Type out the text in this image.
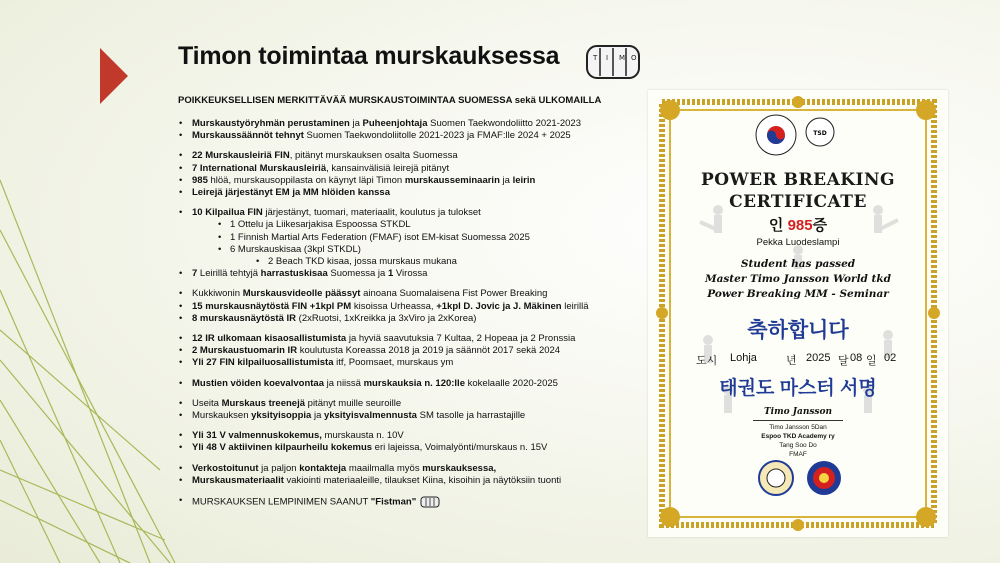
Timon toimintaa murskauksessa	T I M O
POIKKEUKSELLISEN MERKITTÄVÄÄ MURSKAUSTOIMINTAA SUOMESSA sekä ULKOMAILLA
• Murskaustyöryhmän perustaminen ja Puheenjohtaja Suomen Taekwondoliitto 2021-2023
• Murskaussäännöt tehnyt Suomen Taekwondoliitolle 2021-2023 ja FMAF:lle 2024 + 2025
• 22 Murskausleiriä FIN, pitänyt murskauksen osalta Suomessa
• 7 International Murskausleiriä, kansainvälisiä leirejä pitänyt
• 985 hlöä, murskausoppilasta on käynyt läpi Timon murskausseminaarin ja leirin
• Leirejä järjestänyt EM ja MM hlöiden kanssa
• 10 Kilpailua FIN järjestänyt, tuomari, materiaalit, koulutus ja tulokset
• 1 Ottelu ja Liikesarjakisa Espoossa STKDL
• 1 Finnish Martial Arts Federation (FMAF) isot EM-kisat Suomessa 2025
• 6 Murskauskisaa (3kpl STKDL)
• 2 Beach TKD kisaa, jossa murskaus mukana
• 7 Leirillä tehtyjä harrastuskisaa Suomessa ja 1 Virossa
• Kukkiwonin Murskausvideolle päässyt ainoana Suomalaisena Fist Power Breaking
• 15 murskausnäytöstä FIN +1kpl PM kisoissa Urheassa, +1kpl D. Jovic ja J. Mäkinen leirillä
• 8 murskausnäytöstä IR (2xRuotsi, 1xKreikka ja 3xViro ja 2xKorea)
• 12 IR ulkomaan kisaosallistumista ja hyviä saavutuksia 7 Kultaa, 2 Hopeaa ja 2 Pronssia
• 2 Murskaustuomarin IR koulutusta Koreassa 2018 ja 2019 ja säännöt 2017 sekä 2024
• Yli 27 FIN kilpailuosallistumista itf, Poomsaet, murskaus ym
• Mustien vöiden koevalvontaa ja niissä murskauksia n. 120:lle kokelaalle 2020-2025
• Useita Murskaus treenejä pitänyt muille seuroille
• Murskauksen yksityisoppia ja yksityisvalmennusta SM tasolle ja harrastajille
• Yli 31 V valmennuskokemus, murskausta n. 10V
• Yli 48 V aktiivinen kilpaurheilu kokemus eri lajeissa, Voimalyönti/murskaus n. 15V
• Verkostoitunut ja paljon kontakteja maailmalla myös murskauksessa,
• Murskausmateriaalit vakiointi materiaaleille, tilaukset Kiina, kisoihin ja näytöksiin tuonti
• MURSKAUKSEN LEMPINIMEN SAANUT "Fistman"
TSD
POWER BREAKING
CERTIFICATE
인 985증
Pekka Luodeslampi
Student has passed
Master Timo Jansson World tkd
Power Breaking MM - Seminar
축하합니다
도시 Lohja	년 2025 달 08 일 02
태권도 마스터 서명
Timo Jansson
Timo Jansson 5Dan
Espoo TKD Academy ry
Tang Soo Do
FMAF
